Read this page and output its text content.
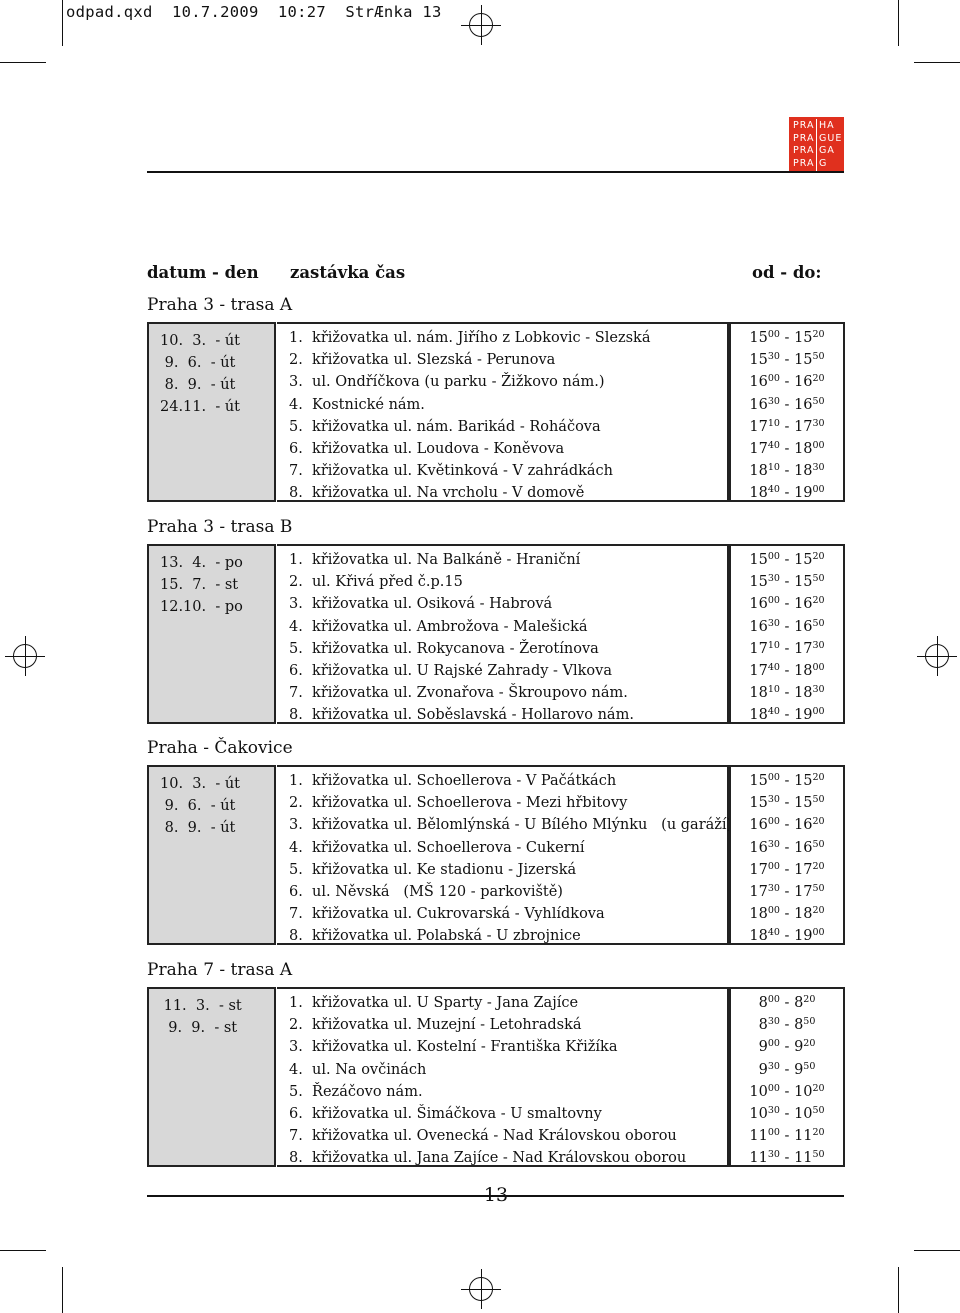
odpad.qxd  10.7.2009  10:27  StrÆnka 13
PRA
PRA
PRA
PRA
HA
GUE
GA
G
datum - den zastávka čas	od - do:
Praha 3 - trasa A
10.  3.  - út
9.  6.  - út
8.  9.  - út
24.11.  - út
1.  křižovatka ul. nám. Jiřího z Lobkovic - Slezská
2.  křižovatka ul. Slezská - Perunova
3.  ul. Ondříčkova (u parku - Žižkovo nám.)
4.  Kostnické nám.
5.  křižovatka ul. nám. Barikád - Roháčova
6.  křižovatka ul. Loudova - Koněvova
7.  křižovatka ul. Květinková - V zahrádkách
8.  křižovatka ul. Na vrcholu - V domově
$15^{00} - 15^{20}$
$15^{30} - 15^{50}$
$16^{00} - 16^{20}$
$16^{30} - 16^{50}$
$17^{10} - 17^{30}$
$17^{40} - 18^{00}$
$18^{10} - 18^{30}$
$18^{40} - 19^{00}$
Praha 3 - trasa B
13.  4.  - po
15.  7.  - st
12.10.  - po
1.  křižovatka ul. Na Balkáně - Hraniční
2.  ul. Křivá před č.p.15
3.  křižovatka ul. Osiková - Habrová
4.  křižovatka ul. Ambrožova - Malešická
5.  křižovatka ul. Rokycanova - Žerotínova
6.  křižovatka ul. U Rajské Zahrady - Vlkova
7.  křižovatka ul. Zvonařova - Škroupovo nám.
8.  křižovatka ul. Soběslavská - Hollarovo nám.
$15^{00} - 15^{20}$
$15^{30} - 15^{50}$
$16^{00} - 16^{20}$
$16^{30} - 16^{50}$
$17^{10} - 17^{30}$
$17^{40} - 18^{00}$
$18^{10} - 18^{30}$
$18^{40} - 19^{00}$
Praha - Čakovice
10.  3.  - út
9.  6.  - út
8.  9.  - út
1.  křižovatka ul. Schoellerova - V Pačátkách
2.  křižovatka ul. Schoellerova - Mezi hřbitovy
3.  křižovatka ul. Bělomlýnská - U Bílého Mlýnku   (u garáží)
4.  křižovatka ul. Schoellerova - Cukerní
5.  křižovatka ul. Ke stadionu - Jizerská
6.  ul. Něvská   (MŠ 120 - parkoviště)
7.  křižovatka ul. Cukrovarská - Vyhlídkova
8.  křižovatka ul. Polabská - U zbrojnice
$15^{00} - 15^{20}$
$15^{30} - 15^{50}$
$16^{00} - 16^{20}$
$16^{30} - 16^{50}$
$17^{00} - 17^{20}$
$17^{30} - 17^{50}$
$18^{00} - 18^{20}$
$18^{40} - 19^{00}$
Praha 7 - trasa A
11.  3.  - st
9.  9.  - st
1.  křižovatka ul. U Sparty - Jana Zajíce
2.  křižovatka ul. Muzejní - Letohradská
3.  křižovatka ul. Kostelní - Františka Křižíka
4.  ul. Na ovčinách
5.  Řezáčovo nám.
6.  křižovatka ul. Šimáčkova - U smaltovny
7.  křižovatka ul. Ovenecká - Nad Královskou oborou
8.  křižovatka ul. Jana Zajíce - Nad Královskou oborou
$8^{00} - 8^{20}$
$8^{30} - 8^{50}$
$9^{00} - 9^{20}$
$9^{30} - 9^{50}$
$10^{00} - 10^{20}$
$10^{30} - 10^{50}$
$11^{00} - 11^{20}$
$11^{30} - 11^{50}$
13
